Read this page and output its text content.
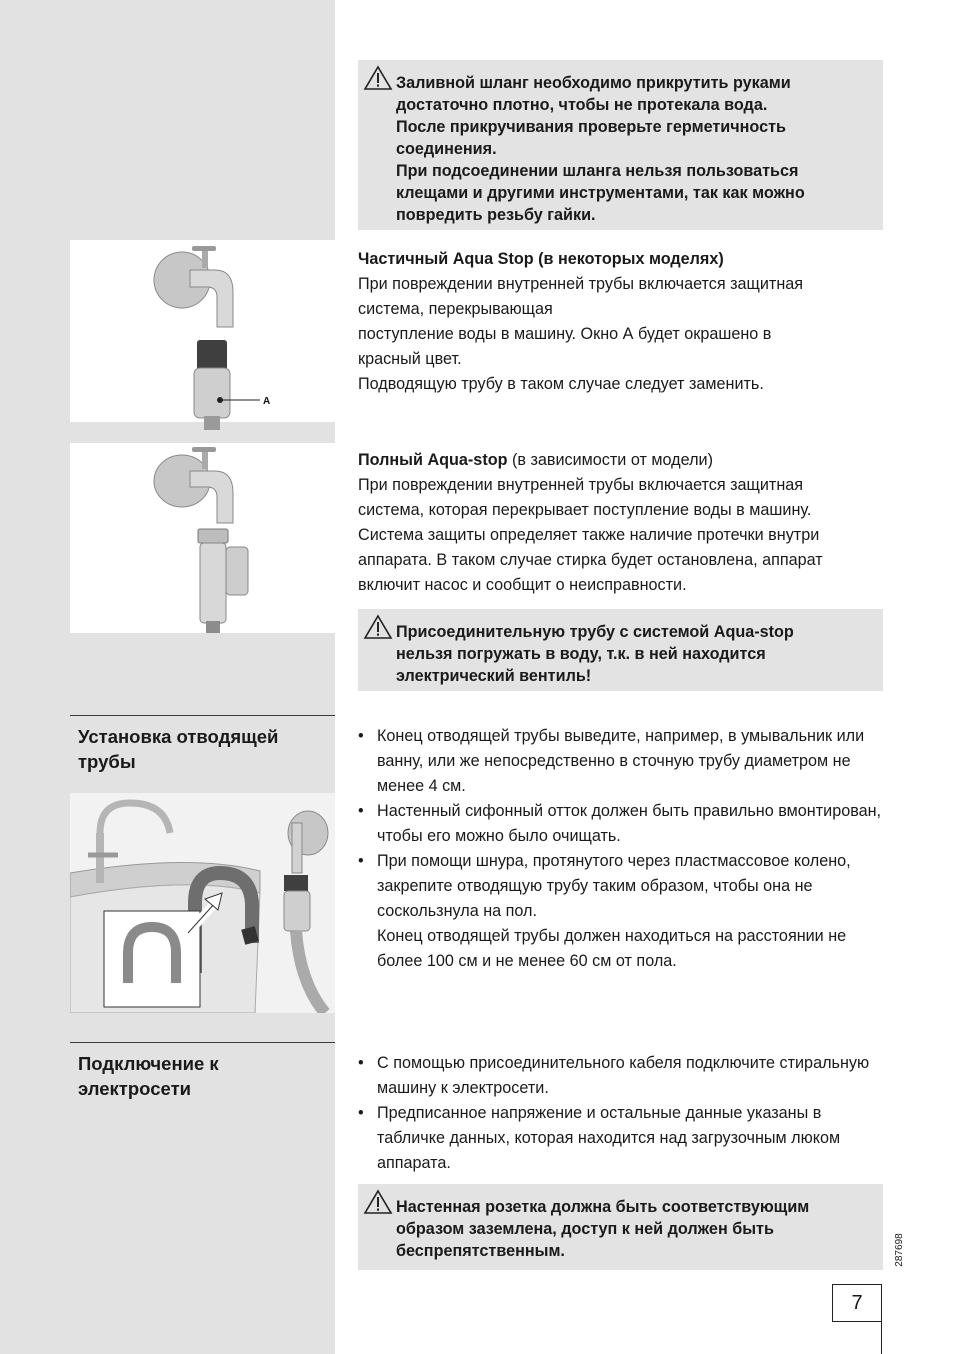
Заливной шланг необходимо прикрутить руками

достаточно плотно, чтобы не протекала вода.

После прикручивания проверьте герметичность

соединения.

При подсоединении шланга нельзя пользоваться

клещами и другими инструментами, так как можно

повредить резьбу гайки.

A

Частичный Aqua Stop (в некоторых моделях)

При повреждении внутренней трубы включается защитная

система, перекрывающая

поступление воды в машину. Окно А будет окрашено в

красный цвет.

Подводящую трубу в таком случае следует заменить.

Полный Aqua-stop (в зависимости от модели)

При повреждении внутренней трубы включается защитная

система, которая перекрывает поступление воды в машину.

Система защиты определяет также наличие протечки внутри

аппарата. В таком случае стирка будет остановлена, аппарат

включит насос и сообщит о неисправности.

Присоединительную трубу с системой Aqua-stop

нельзя погружать в воду, т.к. в ней находится

электрический вентиль!

Установка отводящей трубы
• Конец отводящей трубы выведите, например, в умывальник или ванну, или же непосредственно в сточную трубу диаметром не менее 4 см.
• Настенный сифонный отток должен быть правильно вмонтирован, чтобы его можно было очищать.
• При помощи шнура, протянутого через пластмассовое колено, закрепите отводящую трубу таким образом, чтобы она не соскользнула на пол.

Конец отводящей трубы должен находиться на расстоянии не более 100 см и не менее 60 см от пола.

Подключение к электросети
• С помощью присоединительного кабеля подключите стиральную машину к электросети.
• Предписанное напряжение и остальные данные указаны в табличке данных, которая находится над загрузочным люком аппарата.

Настенная розетка должна быть соответствующим

образом заземлена, доступ к ней должен быть

беспрепятственным.	287698
7
